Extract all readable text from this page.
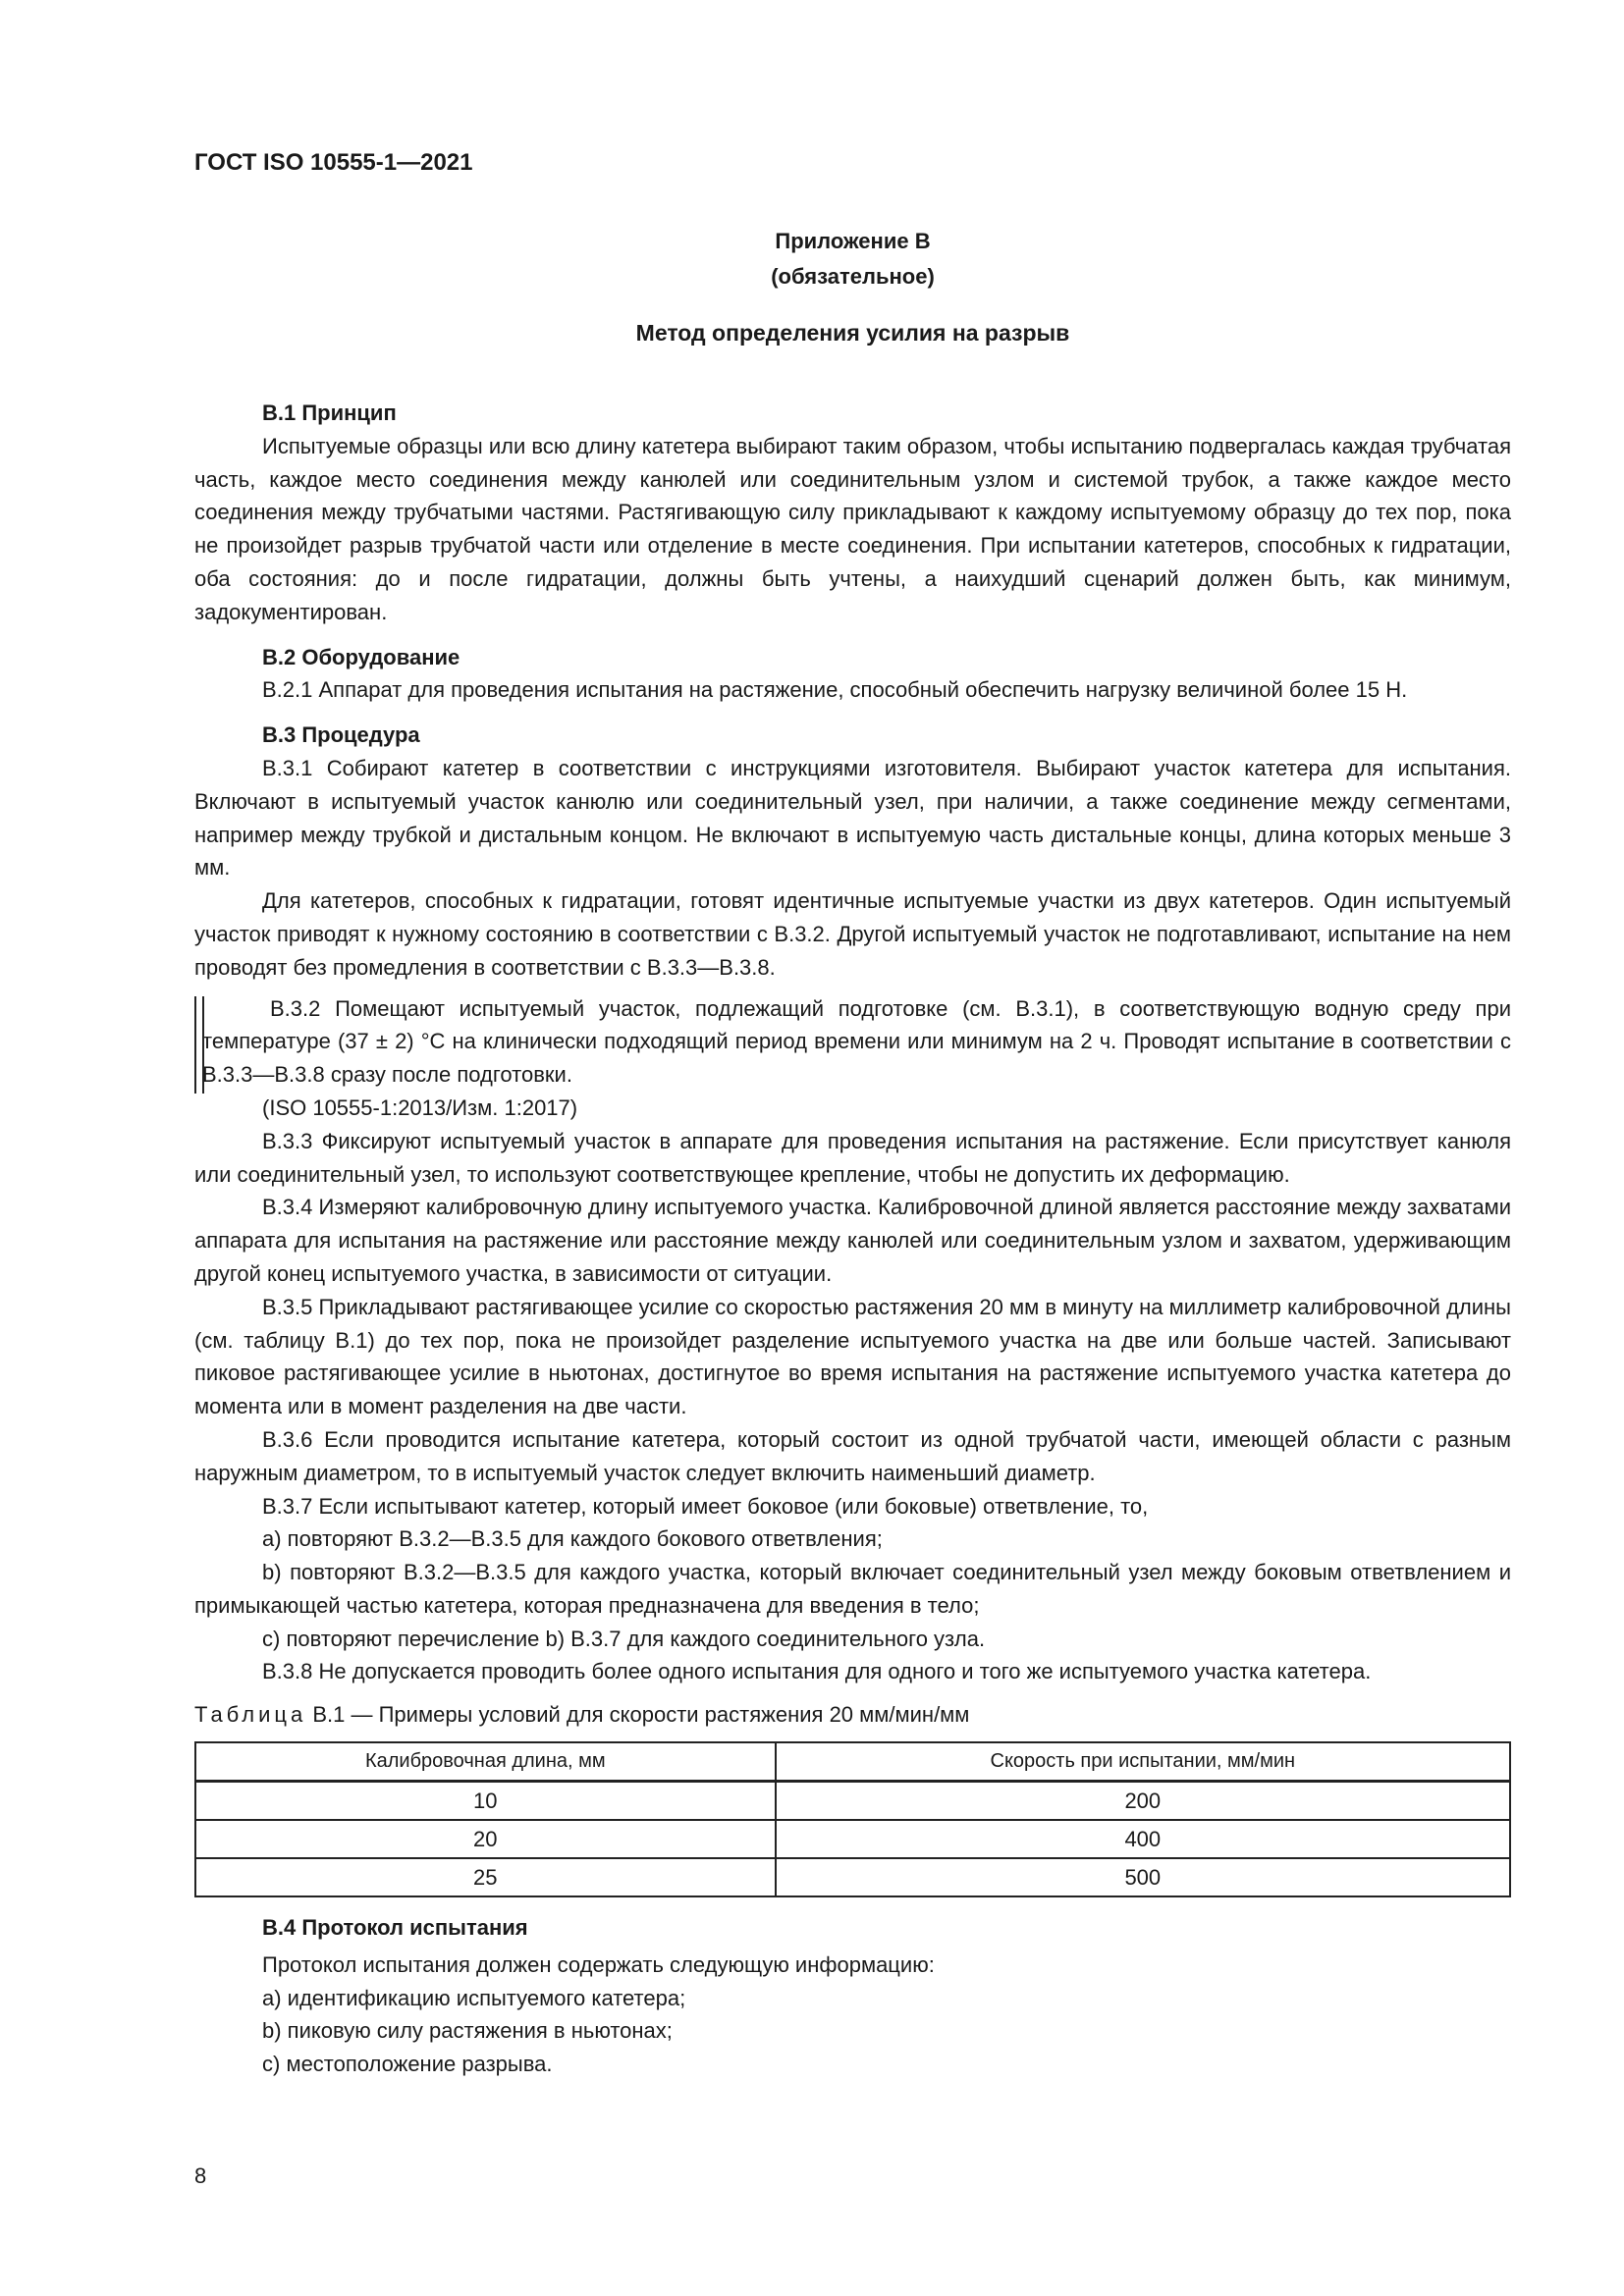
ГОСТ ISO 10555-1—2021
Приложение В
(обязательное)
Метод определения усилия на разрыв
B.1 Принцип

Испытуемые образцы или всю длину катетера выбирают таким образом, чтобы испытанию подвергалась каждая трубчатая часть, каждое место соединения между канюлей или соединительным узлом и системой трубок, а также каждое место соединения между трубчатыми частями. Растягивающую силу прикладывают к каждому испытуемому образцу до тех пор, пока не произойдет разрыв трубчатой части или отделение в месте соединения. При испытании катетеров, способных к гидратации, оба состояния: до и после гидратации, должны быть учтены, а наихудший сценарий должен быть, как минимум, задокументирован.

B.2 Оборудование

B.2.1 Аппарат для проведения испытания на растяжение, способный обеспечить нагрузку величиной более 15 Н.

B.3 Процедура

B.3.1 Собирают катетер в соответствии с инструкциями изготовителя. Выбирают участок катетера для испытания. Включают в испытуемый участок канюлю или соединительный узел, при наличии, а также соединение между сегментами, например между трубкой и дистальным концом. Не включают в испытуемую часть дистальные концы, длина которых меньше 3 мм.

Для катетеров, способных к гидратации, готовят идентичные испытуемые участки из двух катетеров. Один испытуемый участок приводят к нужному состоянию в соответствии с B.3.2. Другой испытуемый участок не подготавливают, испытание на нем проводят без промедления в соответствии с B.3.3—B.3.8.

B.3.2 Помещают испытуемый участок, подлежащий подготовке (см. B.3.1), в соответствующую водную среду при температуре (37 ± 2) °С на клинически подходящий период времени или минимум на 2 ч. Проводят испытание в соответствии с B.3.3—B.3.8 сразу после подготовки.

(ISO 10555-1:2013/Изм. 1:2017)

B.3.3 Фиксируют испытуемый участок в аппарате для проведения испытания на растяжение. Если присутствует канюля или соединительный узел, то используют соответствующее крепление, чтобы не допустить их деформацию.

B.3.4 Измеряют калибровочную длину испытуемого участка. Калибровочной длиной является расстояние между захватами аппарата для испытания на растяжение или расстояние между канюлей или соединительным узлом и захватом, удерживающим другой конец испытуемого участка, в зависимости от ситуации.

B.3.5 Прикладывают растягивающее усилие со скоростью растяжения 20 мм в минуту на миллиметр калибровочной длины (см. таблицу B.1) до тех пор, пока не произойдет разделение испытуемого участка на две или больше частей. Записывают пиковое растягивающее усилие в ньютонах, достигнутое во время испытания на растяжение испытуемого участка катетера до момента или в момент разделения на две части.

B.3.6 Если проводится испытание катетера, который состоит из одной трубчатой части, имеющей области с разным наружным диаметром, то в испытуемый участок следует включить наименьший диаметр.

B.3.7 Если испытывают катетер, который имеет боковое (или боковые) ответвление, то,

a) повторяют B.3.2—B.3.5 для каждого бокового ответвления;

b) повторяют B.3.2—B.3.5 для каждого участка, который включает соединительный узел между боковым ответвлением и примыкающей частью катетера, которая предназначена для введения в тело;

c) повторяют перечисление b) B.3.7 для каждого соединительного узла.

B.3.8 Не допускается проводить более одного испытания для одного и того же испытуемого участка катетера.

Таблица B.1 — Примеры условий для скорости растяжения 20 мм/мин/мм
Калибровочная длина, мм	Скорость при испытании, мм/мин
10	200
20	400
25	500
B.4 Протокол испытания

Протокол испытания должен содержать следующую информацию:

a) идентификацию испытуемого катетера;

b) пиковую силу растяжения в ньютонах;

c) местоположение разрыва.

8
